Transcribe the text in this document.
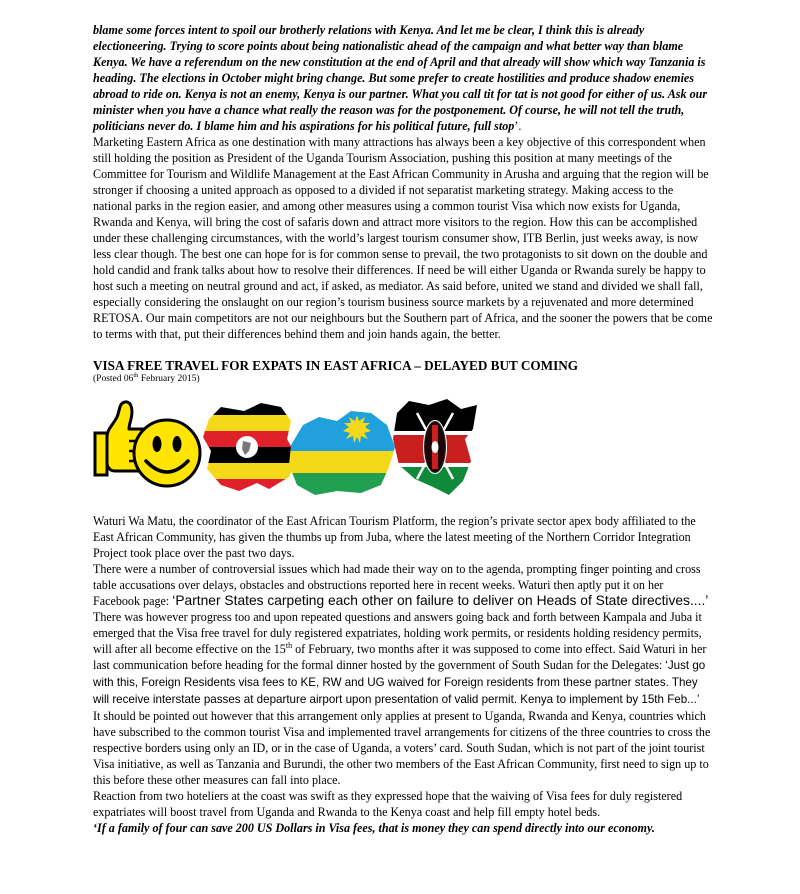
blame some forces intent to spoil our brotherly relations with Kenya. And let me be clear, I think this is already electioneering. Trying to score points about being nationalistic ahead of the campaign and what better way than blame Kenya. We have a referendum on the new constitution at the end of April and that already will show which way Tanzania is heading. The elections in October might bring change. But some prefer to create hostilities and produce shadow enemies abroad to ride on. Kenya is not an enemy, Kenya is our partner. What you call tit for tat is not good for either of us. Ask our minister when you have a chance what really the reason was for the postponement. Of course, he will not tell the truth, politicians never do. I blame him and his aspirations for his political future, full stop’.

Marketing Eastern Africa as one destination with many attractions has always been a key objective of this correspondent when still holding the position as President of the Uganda Tourism Association, pushing this position at many meetings of the Committee for Tourism and Wildlife Management at the East African Community in Arusha and arguing that the region will be stronger if choosing a united approach as opposed to a divided if not separatist marketing strategy. Making access to the national parks in the region easier, and among other measures using a common tourist Visa which now exists for Uganda, Rwanda and Kenya, will bring the cost of safaris down and attract more visitors to the region. How this can be accomplished under these challenging circumstances, with the world’s largest tourism consumer show, ITB Berlin, just weeks away, is now less clear though. The best one can hope for is for common sense to prevail, the two protagonists to sit down on the double and hold candid and frank talks about how to resolve their differences. If need be will either Uganda or Rwanda surely be happy to host such a meeting on neutral ground and act, if asked, as mediator. As said before, united we stand and divided we shall fall, especially considering the onslaught on our region’s tourism business source markets by a rejuvenated and more determined RETOSA. Our main competitors are not our neighbours but the Southern part of Africa, and the sooner the powers that be come to terms with that, put their differences behind them and join hands again, the better.

VISA FREE TRAVEL FOR EXPATS IN EAST AFRICA – DELAYED BUT COMING

(Posted 06th February 2015)

Waturi Wa Matu, the coordinator of the East African Tourism Platform, the region’s private sector apex body affiliated to the East African Community, has given the thumbs up from Juba, where the latest meeting of the Northern Corridor Integration Project took place over the past two days.

There were a number of controversial issues which had made their way on to the agenda, prompting finger pointing and cross table accusations over delays, obstacles and obstructions reported here in recent weeks. Waturi then aptly put it on her Facebook page: ‘Partner States carpeting each other on failure to deliver on Heads of State directives....’

There was however progress too and upon repeated questions and answers going back and forth between Kampala and Juba it emerged that the Visa free travel for duly registered expatriates, holding work permits, or residents holding residency permits, will after all become effective on the 15th of February, two months after it was supposed to come into effect. Said Waturi in her last communication before heading for the formal dinner hosted by the government of South Sudan for the Delegates: ‘Just go with this, Foreign Residents visa fees to KE, RW and UG waived for Foreign residents from these partner states. They will receive interstate passes at departure airport upon presentation of valid permit. Kenya to implement by 15th Feb...’

It should be pointed out however that this arrangement only applies at present to Uganda, Rwanda and Kenya, countries which have subscribed to the common tourist Visa and implemented travel arrangements for citizens of the three countries to cross the respective borders using only an ID, or in the case of Uganda, a voters’ card. South Sudan, which is not part of the joint tourist Visa initiative, as well as Tanzania and Burundi, the other two members of the East African Community, first need to sign up to this before these other measures can fall into place.

Reaction from two hoteliers at the coast was swift as they expressed hope that the waiving of Visa fees for duly registered expatriates will boost travel from Uganda and Rwanda to the Kenya coast and help fill empty hotel beds.

‘If a family of four can save 200 US Dollars in Visa fees, that is money they can spend directly into our economy.
